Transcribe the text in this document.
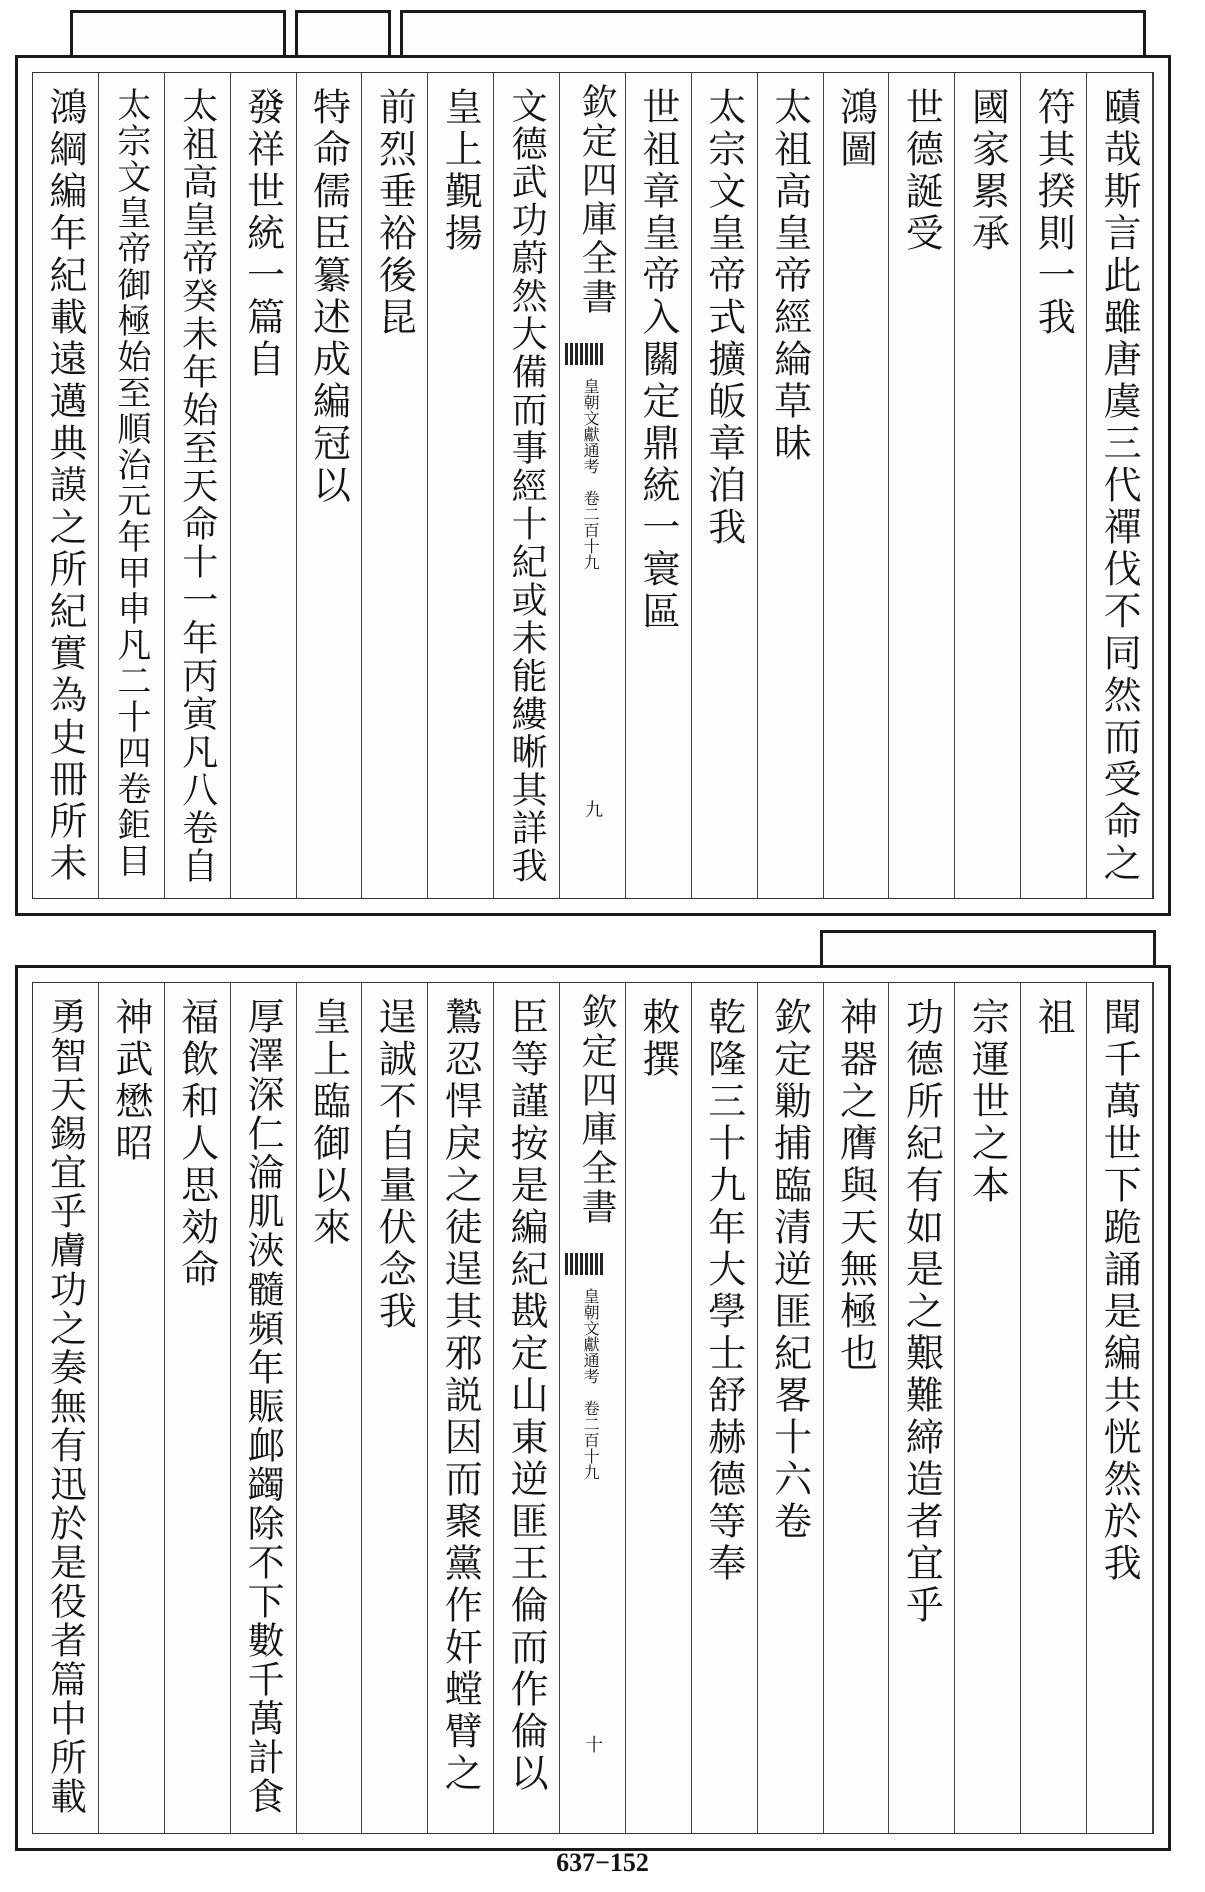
賾哉斯言此雖唐虞三代禪伐不同然而受命之
符其揆則一我
國家累承
世德誕受
鴻圖
太祖高皇帝經綸草昧
太宗文皇帝式擴皈章洎我
世祖章皇帝入關定鼎統一寰區
欽定四庫全書
皇朝文獻通考　卷二百十九
九
文德武功蔚然大備而事經十紀或未能縷晰其詳我
皇上覲揚
前烈垂裕後昆
特命儒臣纂述成編冠以
發祥世統一篇自
太祖高皇帝癸未年始至天命十一年丙寅凡八卷自
太宗文皇帝御極始至順治元年甲申凡二十四卷鉅目
鴻綱編年紀載遠邁典謨之所紀實為史冊所未
聞千萬世下跪誦是編共恍然於我
祖
宗運世之本
功德所紀有如是之艱難締造者宜乎
神器之膺與天無極也
欽定勦捕臨清逆匪紀畧十六卷
乾隆三十九年大學士舒赫德等奉
敕撰
欽定四庫全書
皇朝文獻通考　卷二百十九
十
臣等謹按是編紀戡定山東逆匪王倫而作倫以
鷙忍悍戾之徒逞其邪説因而聚黨作奸螳臂之
逞誠不自量伏念我
皇上臨御以來
厚澤深仁淪肌浹髓頻年賑䘏蠲除不下數千萬計食
福飲和人思効命
神武懋昭
勇智天錫宜乎膚功之奏無有迅於是役者篇中所載
637−152
